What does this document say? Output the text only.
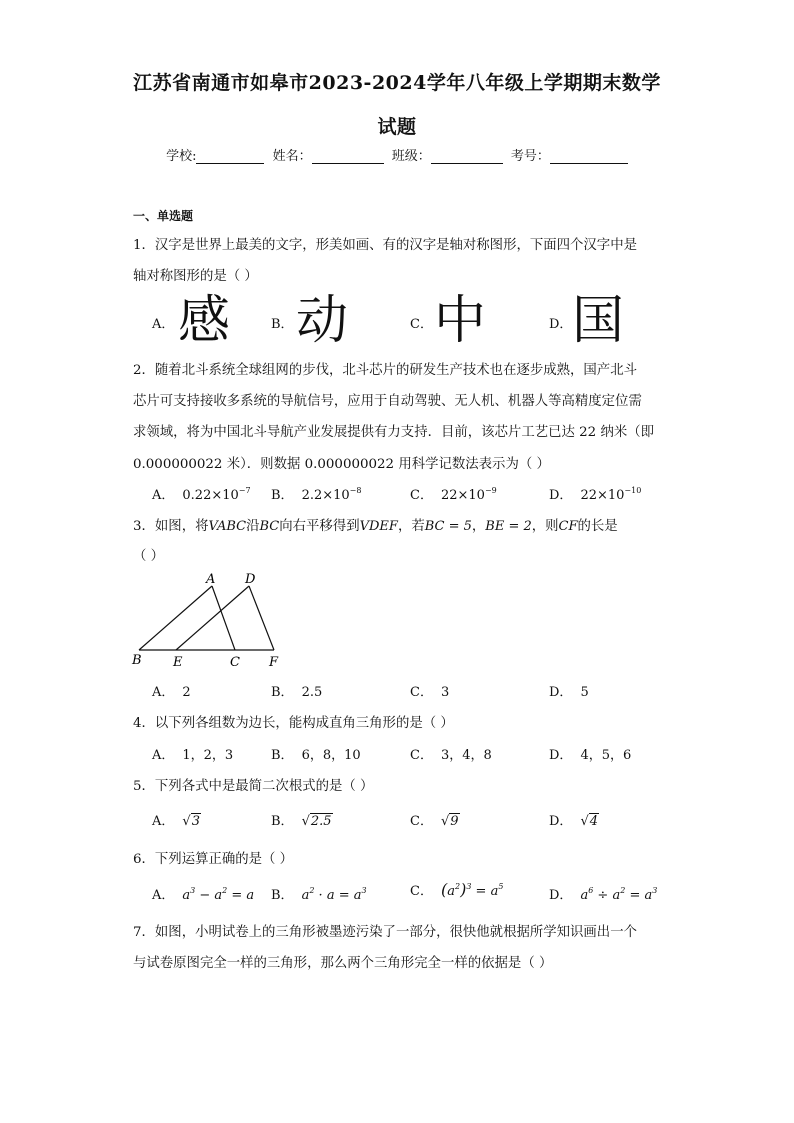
江苏省南通市如皋市2023-2024学年八年级上学期期末数学
试题
学校:	姓名：	班级：	考号：
一、单选题
1．汉字是世界上最美的文字，形美如画、有的汉字是轴对称图形，下面四个汉字中是
轴对称图形的是（ ）
A． 感	B． 动	C． 中	D． 国
2．随着北斗系统全球组网的步伐，北斗芯片的研发生产技术也在逐步成熟，国产北斗
芯片可支持接收多系统的导航信号，应用于自动驾驶、无人机、机器人等高精度定位需
求领域，将为中国北斗导航产业发展提供有力支持．目前，该芯片工艺已达 22 纳米（即
0.000000022 米）．则数据 0.000000022 用科学记数法表示为（ ）
A． $0.22\times 10^{-7}$ B． $2.2\times 10^{-8}$	C． $22\times 10^{-9}$	D． $22\times 10^{-10}$
3．如图，将VABC沿BC向右平移得到VDEF，若BC = 5，BE = 2，则CF的长是
（ ）
A D
B E	C F
A． 2	B． 2.5	C． 3	D． 5
4．以下列各组数为边长，能构成直角三角形的是（ ）
A． 1，2，3	B． 6，8，10	C． 3，4，8	D． 4，5，6
5．下列各式中是最简二次根式的是（ ）
A． √3	B． √2.5	C． √9	D． √4
6．下列运算正确的是（ ）
A． $a^3 - a^2 = a$ B． $a^2 \cdot a = a^3$	C． $(a^2)^3 = a^5$
D． $a^6 \div a^2 = a^3$
7．如图，小明试卷上的三角形被墨迹污染了一部分，很快他就根据所学知识画出一个
与试卷原图完全一样的三角形，那么两个三角形完全一样的依据是（ ）
